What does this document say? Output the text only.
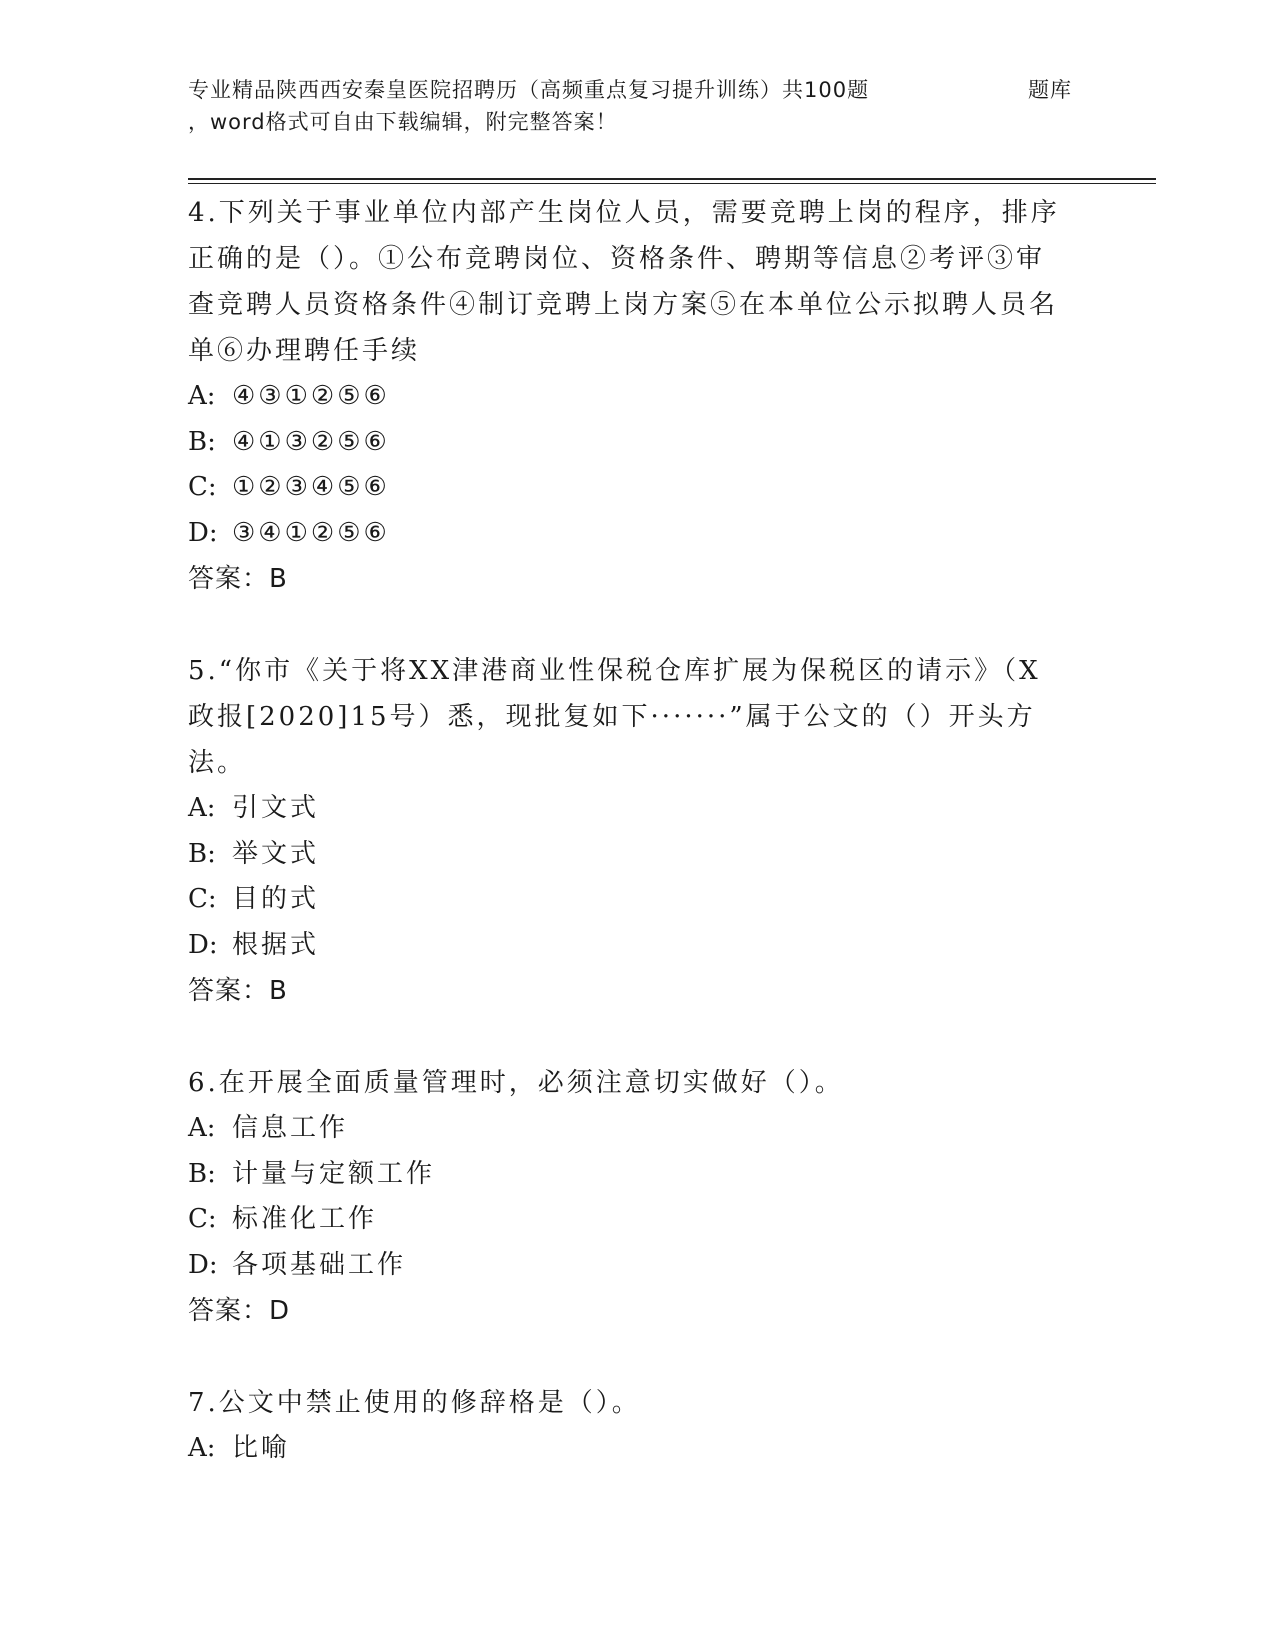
专业精品陕西西安秦皇医院招聘历（高频重点复习提升训练）共100题	题库
，word格式可自由下载编辑，附完整答案！

4.下列关于事业单位内部产生岗位人员，需要竞聘上岗的程序，排序正确的是（）。①公布竞聘岗位、资格条件、聘期等信息②考评③审查竞聘人员资格条件④制订竞聘上岗方案⑤在本单位公示拟聘人员名单⑥办理聘任手续

A: ④③①②⑤⑥
B: ④①③②⑤⑥
C: ①②③④⑤⑥
D: ③④①②⑤⑥
答案：B

5.“你市《关于将XX津港商业性保税仓库扩展为保税区的请示》（X政报[2020]15号）悉，现批复如下·······”属于公文的（）开头方法。

A: 引文式
B: 举文式
C: 目的式
D: 根据式
答案：B

6.在开展全面质量管理时，必须注意切实做好（）。

A: 信息工作
B: 计量与定额工作
C: 标准化工作
D: 各项基础工作
答案：D

7.公文中禁止使用的修辞格是（）。

A: 比喻
